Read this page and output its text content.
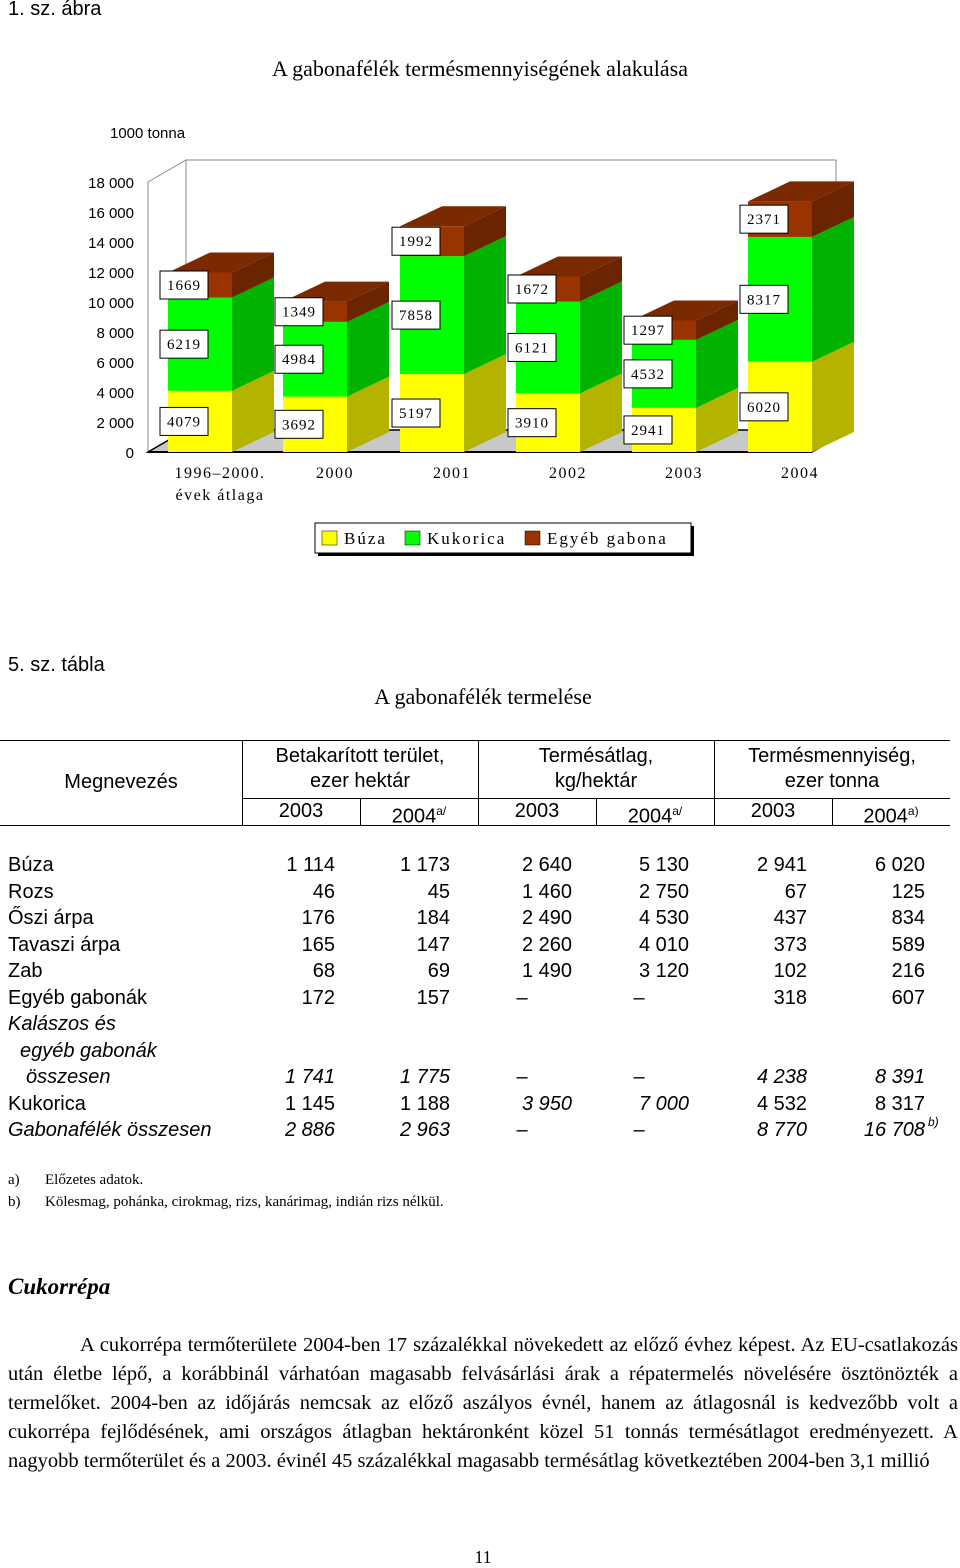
1. sz. ábra
A gabonafélék termésmennyiségének alakulása
1000 tonna
0
2 000
4 000
6 000
8 000
10 000
12 000
14 000
16 000
18 000
4079
6219
1669
1996–2000.
évek átlaga
3692
4984
1349
2000
5197
7858
1992
2001
3910
6121
1672
2002
2941
4532
1297
2003
6020
8317
2371
2004
Búza Kukorica Egyéb gabona
5. sz. tábla
A gabonafélék termelése
Megnevezés
Betakarított terület,
ezer hektár
Termésátlag,
kg/hektár
Termésmennyiség,
ezer tonna
2003	$2004^{a/}$	2003	$2004^{a/}$	2003	2004$^{a)}$
Búza	1 114	1 173	2 640	5 130	2 941	6 020
Rozs	46	45	1 460	2 750	67	125
Őszi árpa	176	184	2 490	4 530	437	834
Tavaszi árpa	165	147	2 260	4 010	373	589
Zab	68	69	1 490	3 120	102	216
Egyéb gabonák	172	157	–	–	318	607
Kalászos és
egyéb gabonák
összesen	1 741	1 775	–	–	4 238	8 391
Kukorica	1 145	1 188	3 950	7 000	4 532	8 317
Gabonafélék összesen	2 886	2 963	–	–	8 770	16 708 b)
a) Előzetes adatok.
b) Kölesmag, pohánka, cirokmag, rizs, kanárimag, indián rizs nélkül.
Cukorrépa
A cukorrépa termőterülete 2004-ben 17 százalékkal növekedett az előző évhez képest. Az EU-csatlakozás után életbe lépő, a korábbinál várhatóan magasabb felvásárlási árak a répatermelés növelésére ösztönözték a termelőket. 2004-ben az időjárás nemcsak az előző aszályos évnél, hanem az átlagosnál is kedvezőbb volt a cukorrépa fejlődésének, ami országos átlagban hektáronként közel 51 tonnás termésátlagot eredményezett. A nagyobb termőterület és a 2003. évinél 45 százalékkal magasabb termésátlag következtében 2004-ben 3,1 millió
11
